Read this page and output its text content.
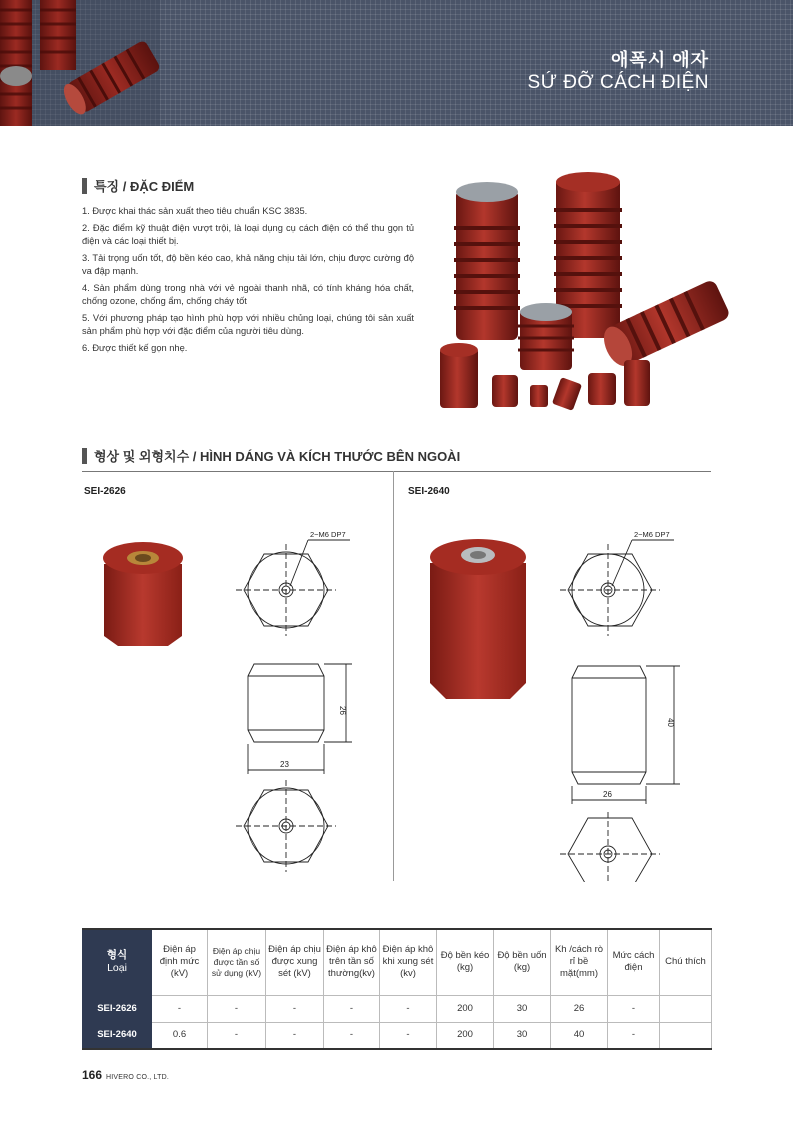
애폭시 애자
SỨ ĐỠ CÁCH ĐIỆN
특징 / ĐẶC ĐIỂM

1. Được khai thác sản xuất theo tiêu chuẩn KSC 3835.

2. Đặc điểm kỹ thuật điện vượt trội, là loại dụng cụ cách điện có thể thu gọn tủ điện và các loại thiết bị.

3. Tải trọng uốn tốt, độ bền kéo cao, khả năng chịu tải lớn, chịu được cường độ va đập mạnh.

4. Sản phẩm dùng trong nhà với vẻ ngoài thanh nhã, có tính kháng hóa chất, chống ozone, chống ẩm, chống cháy tốt

5. Với phương pháp tạo hình phù hợp với nhiều chủng loại, chúng tôi sản xuất sản phẩm phù hợp với đặc điểm của người tiêu dùng.

6. Được thiết kế gọn nhẹ.

형상 및 외형치수 / HÌNH DÁNG VÀ KÍCH THƯỚC BÊN NGOÀI
SEI-2626	SEI-2640
2−M6 DP7
26
23
2−M6 DP7
40
26
형식
Loại	Điện áp định mức (kV)	Điện áp chịu được tần số sử dụng (kV)	Điện áp chịu được xung sét (kV)	Điện áp khô trên tần số thường(kv)	Điện áp khô khi xung sét (kv)	Độ bền kéo (kg)	Độ bền uốn (kg)	Kh /cách rò rỉ bề mặt(mm)	Mức cách điện	Chú thích
SEI-2626	-	-	-	-	-	200	30	26	-	
SEI-2640	0.6	-	-	-	-	200	30	40	-	
166 HIVERO CO., LTD.
